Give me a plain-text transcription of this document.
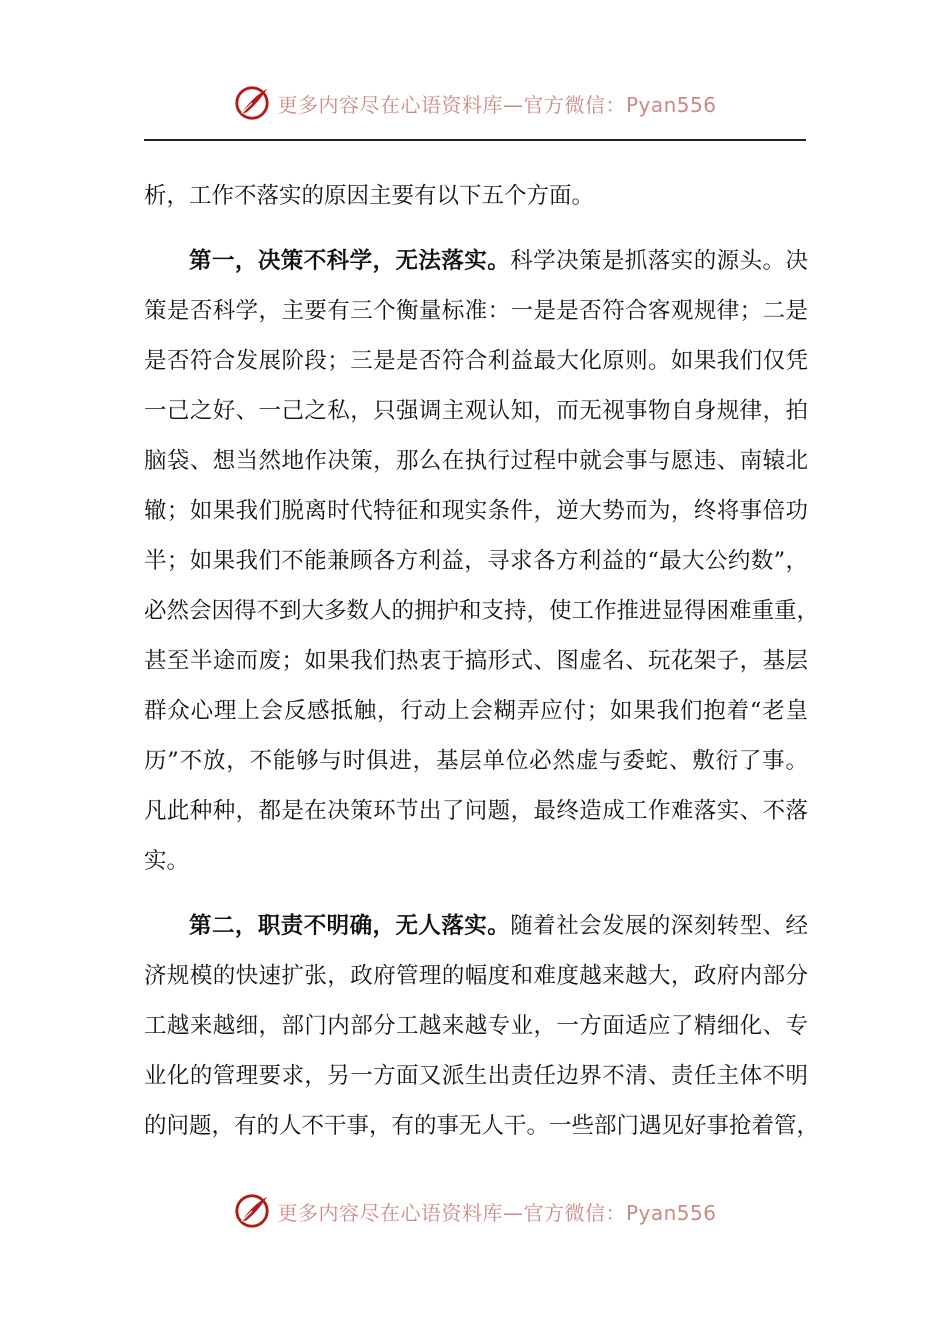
更多内容尽在心语资料库—官方微信：Pyan556
析，工作不落实的原因主要有以下五个方面。
第一，决策不科学，无法落实。科学决策是抓落实的源头。决
策是否科学，主要有三个衡量标准：一是是否符合客观规律；二是
是否符合发展阶段；三是是否符合利益最大化原则。如果我们仅凭
一己之好、一己之私，只强调主观认知，而无视事物自身规律，拍
脑袋、想当然地作决策，那么在执行过程中就会事与愿违、南辕北
辙；如果我们脱离时代特征和现实条件，逆大势而为，终将事倍功
半；如果我们不能兼顾各方利益，寻求各方利益的“最大公约数”，
必然会因得不到大多数人的拥护和支持，使工作推进显得困难重重，
甚至半途而废；如果我们热衷于搞形式、图虚名、玩花架子，基层
群众心理上会反感抵触，行动上会糊弄应付；如果我们抱着“老皇
历”不放，不能够与时俱进，基层单位必然虚与委蛇、敷衍了事。
凡此种种，都是在决策环节出了问题，最终造成工作难落实、不落
实。
第二，职责不明确，无人落实。随着社会发展的深刻转型、经
济规模的快速扩张，政府管理的幅度和难度越来越大，政府内部分
工越来越细，部门内部分工越来越专业，一方面适应了精细化、专
业化的管理要求，另一方面又派生出责任边界不清、责任主体不明
的问题，有的人不干事，有的事无人干。一些部门遇见好事抢着管，
更多内容尽在心语资料库—官方微信：Pyan556
